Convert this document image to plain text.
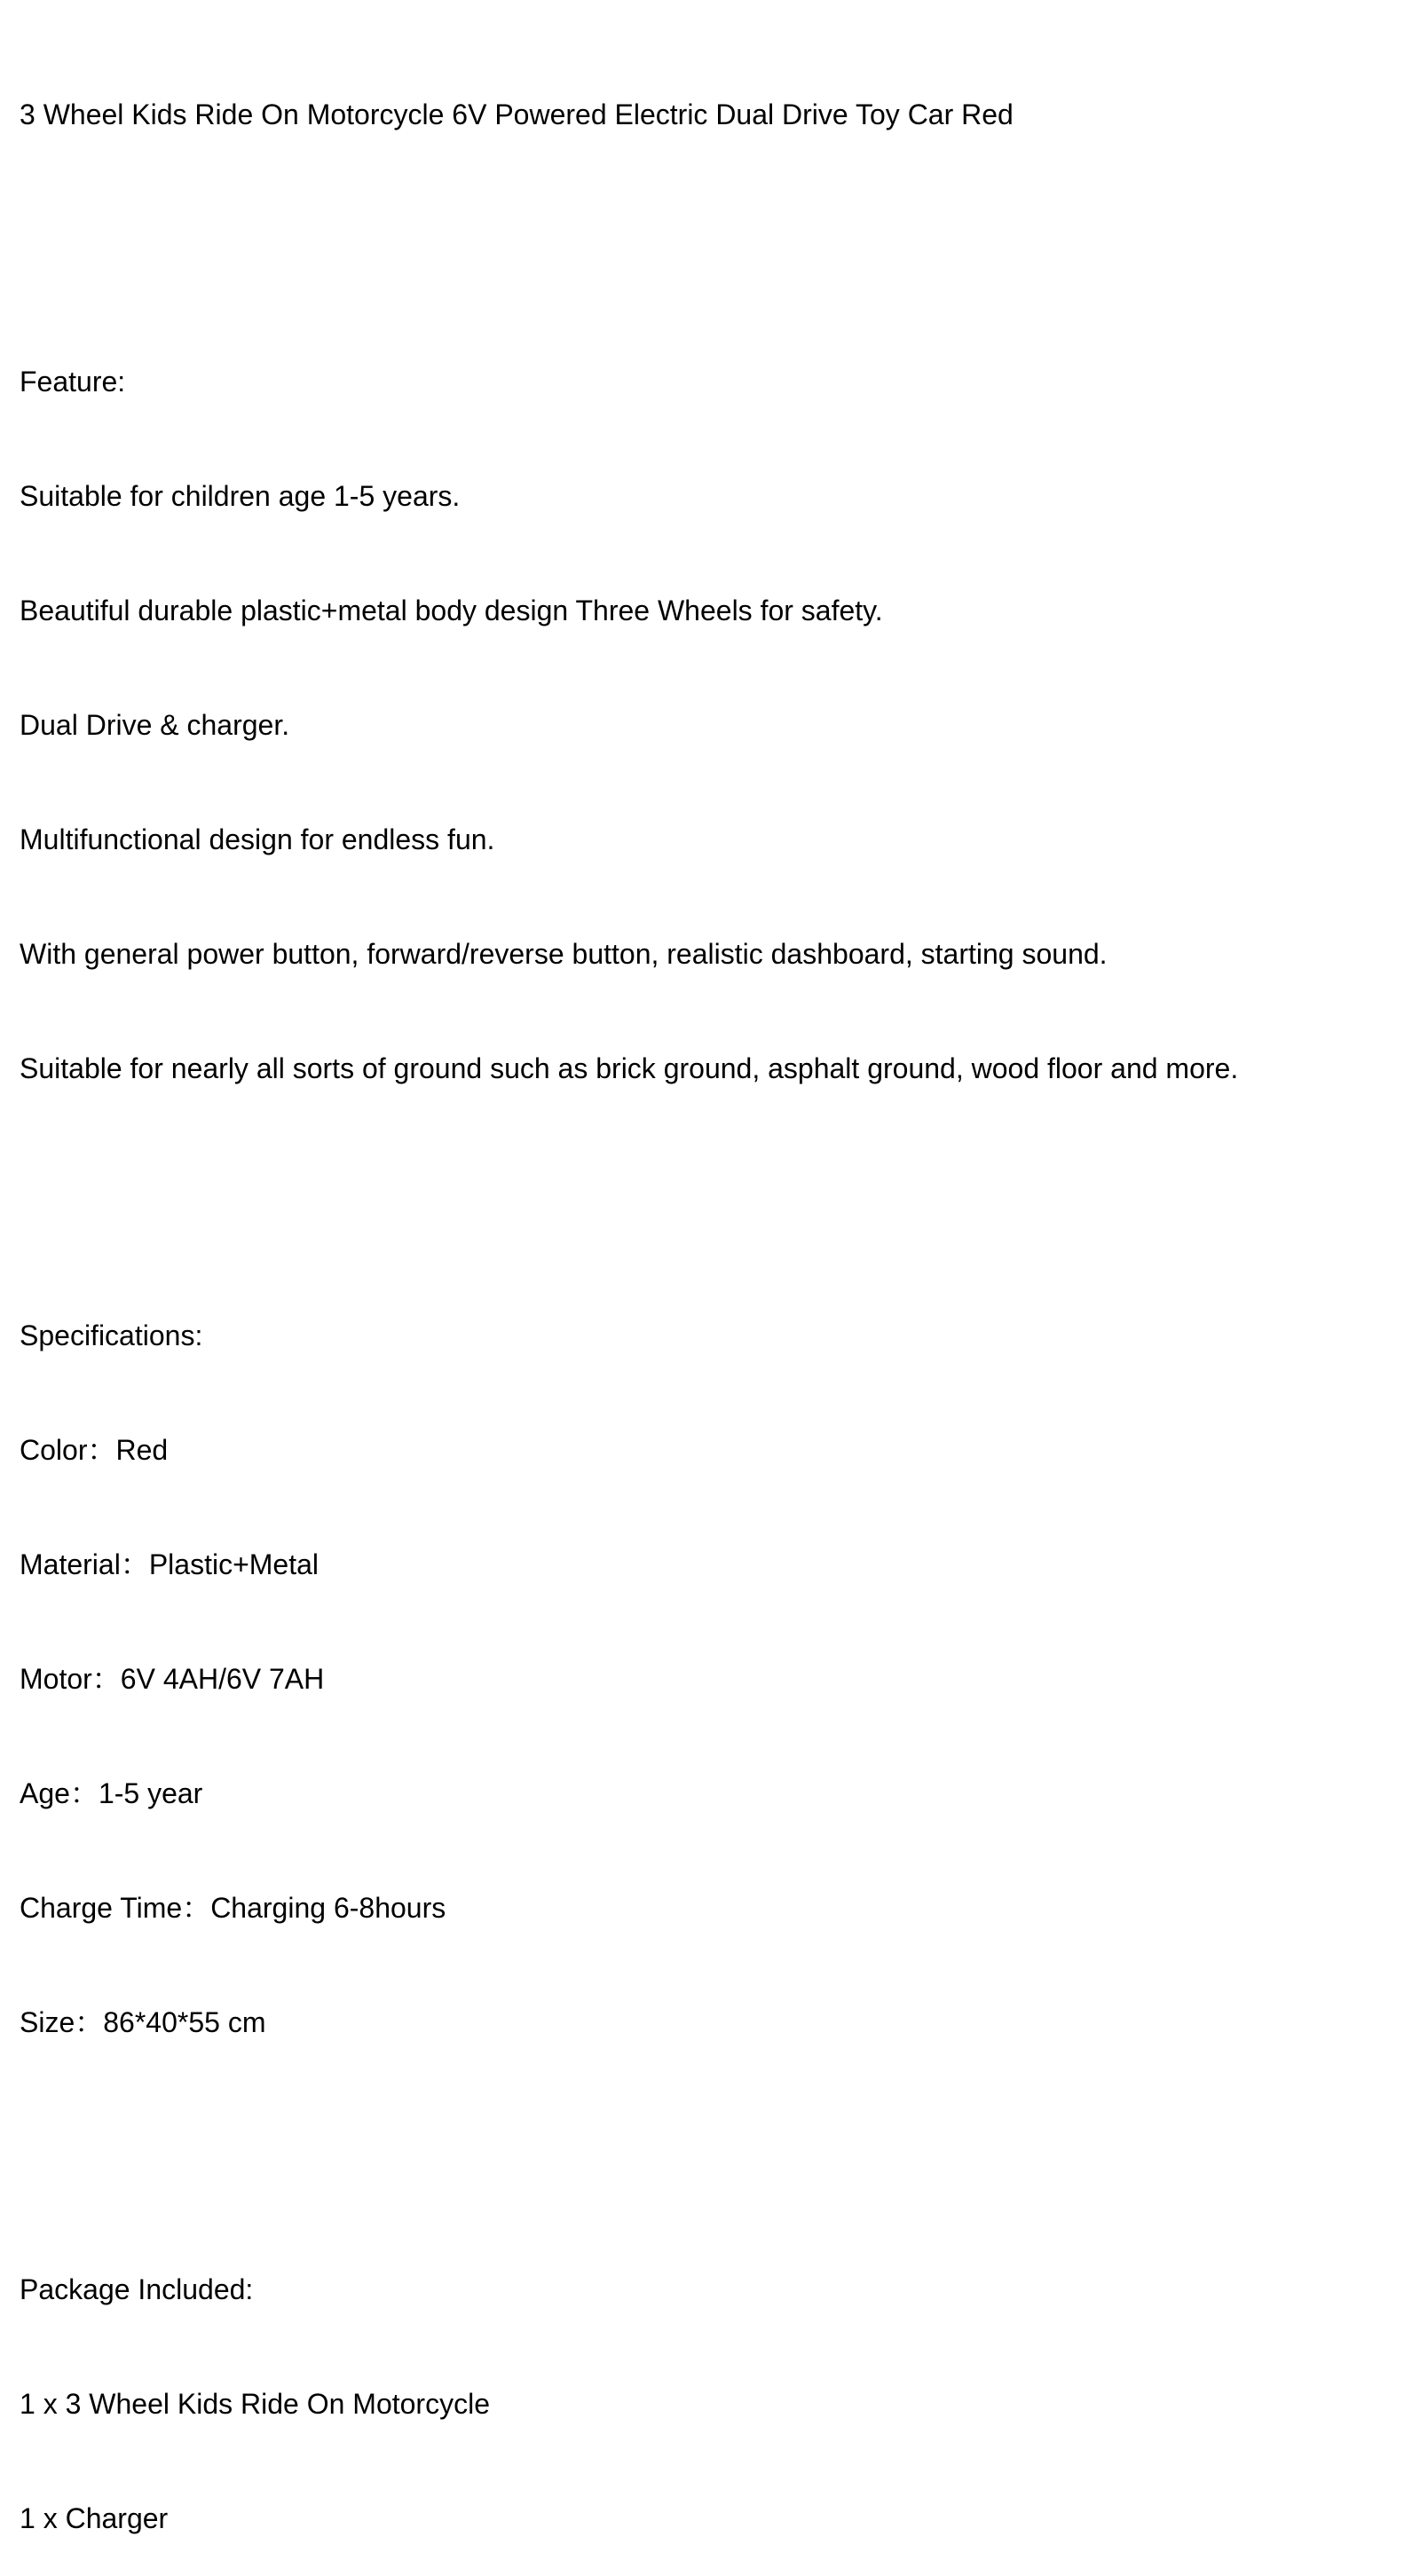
3 Wheel Kids Ride On Motorcycle 6V Powered Electric Dual Drive Toy Car Red

Feature:

Suitable for children age 1-5 years.

Beautiful durable plastic+metal body design Three Wheels for safety.

Dual Drive & charger.

Multifunctional design for endless fun.

With general power button, forward/reverse button, realistic dashboard, starting sound.

Suitable for nearly all sorts of ground such as brick ground, asphalt ground, wood floor and more.

Specifications:

Color：Red

Material：Plastic+Metal

Motor：6V 4AH/6V 7AH

Age：1-5 year

Charge Time：Charging 6-8hours

Size：86*40*55 cm

Package Included:

1 x 3 Wheel Kids Ride On Motorcycle

1 x Charger
